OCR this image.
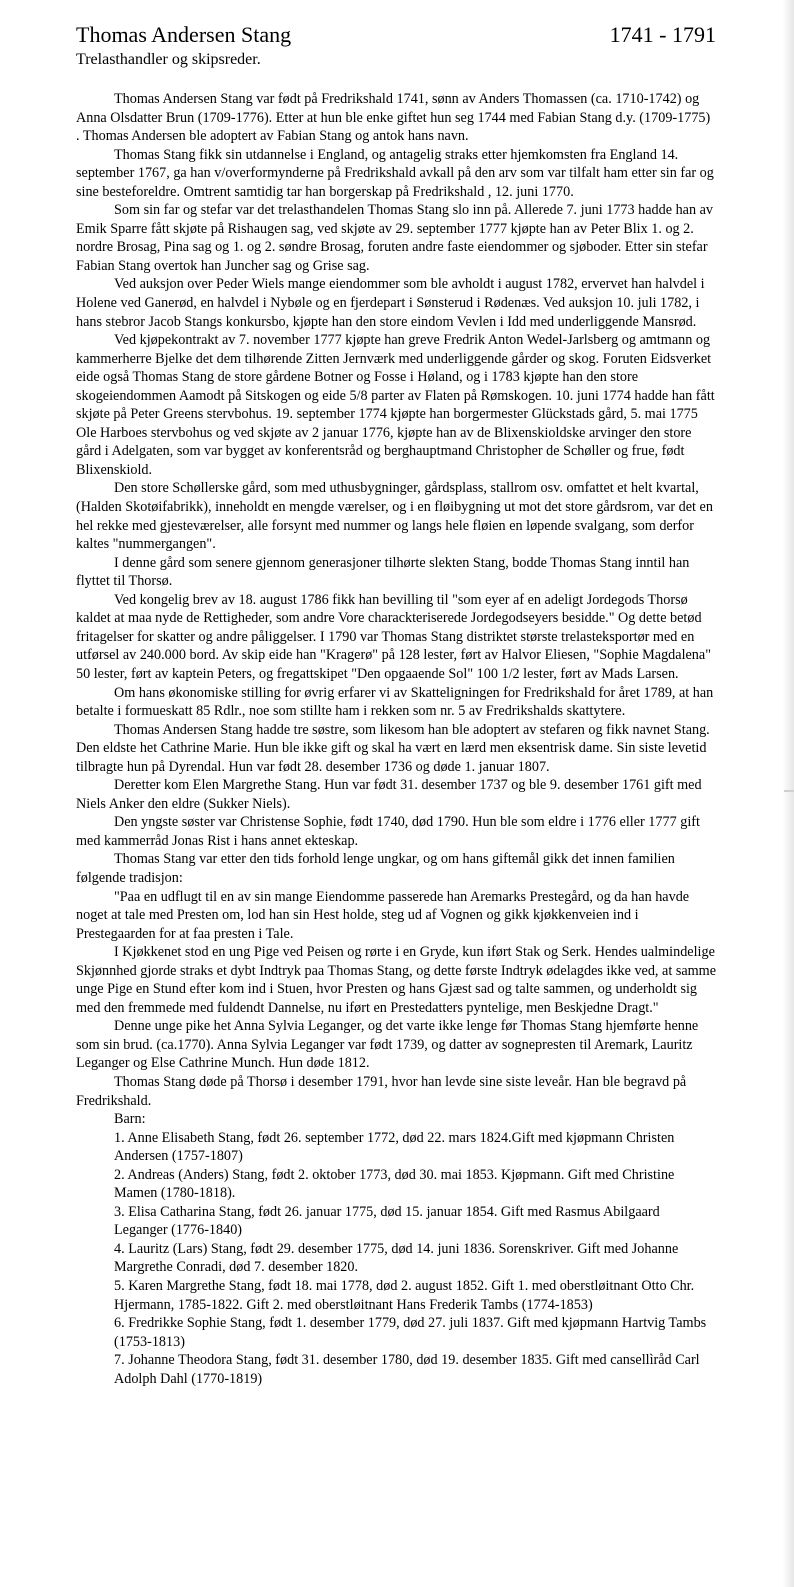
Thomas Andersen Stang	1741 - 1791
Trelasthandler og skipsreder.

Thomas Andersen Stang var født på Fredrikshald 1741, sønn av Anders Thomassen (ca. 1710-1742) og Anna Olsdatter Brun (1709-1776). Etter at hun ble enke giftet hun seg 1744 med Fabian Stang d.y. (1709-1775) . Thomas Andersen ble adoptert av Fabian Stang og antok hans navn.

Thomas Stang fikk sin utdannelse i England, og antagelig straks etter hjemkomsten fra England 14. september 1767, ga han v/overformynderne på Fredrikshald avkall på den arv som var tilfalt ham etter sin far og sine besteforeldre. Omtrent samtidig tar han borgerskap på Fredrikshald , 12. juni 1770.

Som sin far og stefar var det trelasthandelen Thomas Stang slo inn på. Allerede 7. juni 1773 hadde han av Emik Sparre fått skjøte på Rishaugen sag, ved skjøte av 29. september 1777 kjøpte han av Peter Blix 1. og 2. nordre Brosag, Pina sag og 1. og 2. søndre Brosag, foruten andre faste eiendommer og sjøboder. Etter sin stefar Fabian Stang overtok han Juncher sag og Grise sag.

Ved auksjon over Peder Wiels mange eiendommer som ble avholdt i august 1782, ervervet han halvdel i Holene ved Ganerød, en halvdel i Nybøle og en fjerdepart i Sønsterud i Rødenæs. Ved auksjon 10. juli 1782, i hans stebror Jacob Stangs konkursbo, kjøpte han den store eindom Vevlen i Idd med underliggende Mansrød.

Ved kjøpekontrakt av 7. november 1777 kjøpte han greve Fredrik Anton Wedel-Jarlsberg og amtmann og kammerherre Bjelke det dem tilhørende Zitten Jernværk med underliggende gårder og skog. Foruten Eidsverket eide også Thomas Stang de store gårdene Botner og Fosse i Høland, og i 1783 kjøpte han den store skogeiendommen Aamodt på Sitskogen og eide 5/8 parter av Flaten på Rømskogen. 10. juni 1774 hadde han fått skjøte på Peter Greens stervbohus. 19. september 1774 kjøpte han borgermester Glückstads gård, 5. mai 1775 Ole Harboes stervbohus og ved skjøte av 2 januar 1776, kjøpte han av de Blixenskioldske arvinger den store gård i Adelgaten, som var bygget av konferentsråd og berghauptmand Christopher de Schøller og frue, født Blixenskiold.

Den store Schøllerske gård, som med uthusbygninger, gårdsplass, stallrom osv. omfattet et helt kvartal, (Halden Skotøifabrikk), inneholdt en mengde værelser, og i en fløibygning ut mot det store gårdsrom, var det en hel rekke med gjesteværelser, alle forsynt med nummer og langs hele fløien en løpende svalgang, som derfor kaltes "nummergangen".

I denne gård som senere gjennom generasjoner tilhørte slekten Stang, bodde Thomas Stang inntil han flyttet til Thorsø.

Ved kongelig brev av 18. august 1786 fikk han bevilling til "som eyer af en adeligt Jordegods Thorsø kaldet at maa nyde de Rettigheder, som andre Vore charackteriserede Jordegodseyers besidde." Og dette betød fritagelser for skatter og andre påliggelser. I 1790 var Thomas Stang distriktet største trelasteksportør med en utførsel av 240.000 bord. Av skip eide han "Kragerø" på 128 lester, ført av Halvor Eliesen, "Sophie Magdalena" 50 lester, ført av kaptein Peters, og fregattskipet "Den opgaaende Sol" 100 1/2 lester, ført av Mads Larsen.

Om hans økonomiske stilling for øvrig erfarer vi av Skatteligningen for Fredrikshald for året 1789, at han betalte i formueskatt 85 Rdlr., noe som stillte ham i rekken som nr. 5 av Fredrikshalds skattytere.

Thomas Andersen Stang hadde tre søstre, som likesom han ble adoptert av stefaren og fikk navnet Stang. Den eldste het Cathrine Marie. Hun ble ikke gift og skal ha vært en lærd men eksentrisk dame. Sin siste levetid tilbragte hun på Dyrendal. Hun var født 28. desember 1736 og døde 1. januar 1807.

Deretter kom Elen Margrethe Stang. Hun var født 31. desember 1737 og ble 9. desember 1761 gift med Niels Anker den eldre (Sukker Niels).

Den yngste søster var Christense Sophie, født 1740, død 1790. Hun ble som eldre i 1776 eller 1777 gift med kammerråd Jonas Rist i hans annet ekteskap.

Thomas Stang var etter den tids forhold lenge ungkar, og om hans giftemål gikk det innen familien følgende tradisjon:

"Paa en udflugt til en av sin mange Eiendomme passerede han Aremarks Prestegård, og da han havde noget at tale med Presten om, lod han sin Hest holde, steg ud af Vognen og gikk kjøkkenveien ind i Prestegaarden for at faa presten i Tale.

I Kjøkkenet stod en ung Pige ved Peisen og rørte i en Gryde, kun iført Stak og Serk. Hendes ualmindelige Skjønnhed gjorde straks et dybt Indtryk paa Thomas Stang, og dette første Indtryk ødelagdes ikke ved, at samme unge Pige en Stund efter kom ind i Stuen, hvor Presten og hans Gjæst sad og talte sammen, og underholdt sig med den fremmede med fuldendt Dannelse, nu iført en Prestedatters pyntelige, men Beskjedne Dragt."

Denne unge pike het Anna Sylvia Leganger, og det varte ikke lenge før Thomas Stang hjemførte henne som sin brud. (ca.1770). Anna Sylvia Leganger var født 1739, og datter av sognepresten til Aremark, Lauritz Leganger og Else Cathrine Munch. Hun døde 1812.

Thomas Stang døde på Thorsø i desember 1791, hvor han levde sine siste leveår. Han ble begravd på Fredrikshald.

Barn:
1. Anne Elisabeth Stang, født 26. september 1772, død 22. mars 1824.Gift med kjøpmann Christen Andersen (1757-1807)
2. Andreas (Anders) Stang, født 2. oktober 1773, død 30. mai 1853. Kjøpmann. Gift med Christine Mamen (1780-1818).
3. Elisa Catharina Stang, født 26. januar 1775, død 15. januar 1854. Gift med Rasmus Abilgaard Leganger (1776-1840)
4. Lauritz (Lars) Stang, født 29. desember 1775, død 14. juni 1836. Sorenskriver. Gift med Johanne Margrethe Conradi, død 7. desember 1820.
5. Karen Margrethe Stang, født 18. mai 1778, død 2. august 1852. Gift 1. med oberstløitnant Otto Chr. Hjermann, 1785-1822. Gift 2. med oberstløitnant Hans Frederik Tambs (1774-1853)
6. Fredrikke Sophie Stang, født 1. desember 1779, død 27. juli 1837. Gift med kjøpmann Hartvig Tambs (1753-1813)
7. Johanne Theodora Stang, født 31. desember 1780, død 19. desember 1835. Gift med cansellìråd Carl Adolph Dahl (1770-1819)
